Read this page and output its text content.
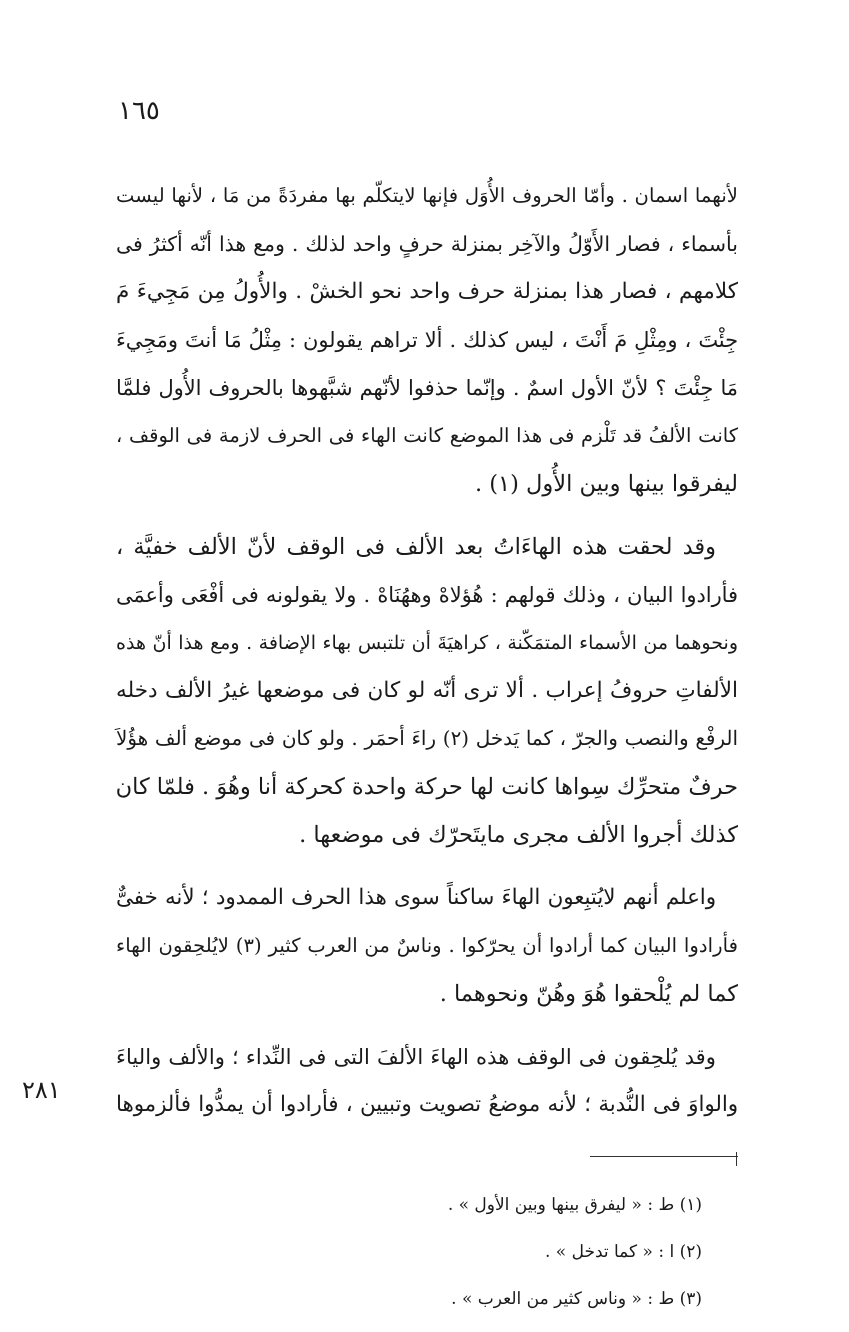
١٦٥
لأنهما اسمان . وأمّا الحروف الأُوَل فإنها لايتكلّم بها مفردَةً من مَا ، لأنها ليست
بأسماء ، فصار الأَوّلُ والآخِر بمنزلة حرفٍ واحد لذلك . ومع هذا أنّه أكثرُ فى
كلامهم ، فصار هذا بمنزلة حرف واحد نحو الخشْ . والأُولُ مِن مَجِيءَ مَ
جِئْتَ ، ومِثْلِ مَ أَنْتَ ، ليس كذلك . ألا تراهم يقولون : مِثْلُ مَا أنتَ ومَجِيءَ
مَا جِئْتَ ؟ لأنّ الأول اسمٌ . وإنّما حذفوا لأنّهم شبَّهوها بالحروف الأُول فلمَّا
كانت الألفُ قد تَلْزم فى هذا الموضع كانت الهاء فى الحرف لازمة فى الوقف ،
ليفرقوا بينها وبين الأُول (١) .
وقد لحقت هذه الهاءَاتُ بعد الألف فى الوقف لأنّ الألف خفيَّة ،
فأرادوا البيان ، وذلك قولهم : هُؤلاهْ وههُنَاهْ . ولا يقولونه فى أفْعَى وأعمَى
ونحوهما من الأسماء المتمَكّنة ، كراهيَةَ أن تلتبس بهاء الإضافة . ومع هذا أنّ هذه
الألفاتِ حروفُ إعراب . ألا ترى أنّه لو كان فى موضعها غيرُ الألف دخله
الرفْع والنصب والجرّ ، كما يَدخل (٢) راءَ أحمَر . ولو كان فى موضع ألف هؤُلاَ
حرفٌ متحرِّك سِواها كانت لها حركة واحدة كحركة أنا وهُوَ . فلمّا كان
كذلك أجروا الألف مجرى مايتَحرّك فى موضعها .
واعلم أنهم لايُتبِعون الهاءَ ساكناً سوى هذا الحرف الممدود ؛ لأنه خفىٌّ
فأرادوا البيان كما أرادوا أن يحرّكوا . وناسٌ من العرب كثير (٣) لايُلحِقون الهاء
كما لم يُلْحقوا هُوَ وهُنّ ونحوهما .
وقد يُلحِقون فى الوقف هذه الهاءَ الألفَ التى فى النِّداء ؛ والألف والياءَ
والواوَ فى النُّدبة ؛ لأنه موضعُ تصويت وتبيين ، فأرادوا أن يمدُّوا فألزموها
٢٨١
(١) ط : « ليفرق بينها وبين الأول » .
(٢) ا : « كما تدخل » .
(٣) ط : « وناس كثير من العرب » .
